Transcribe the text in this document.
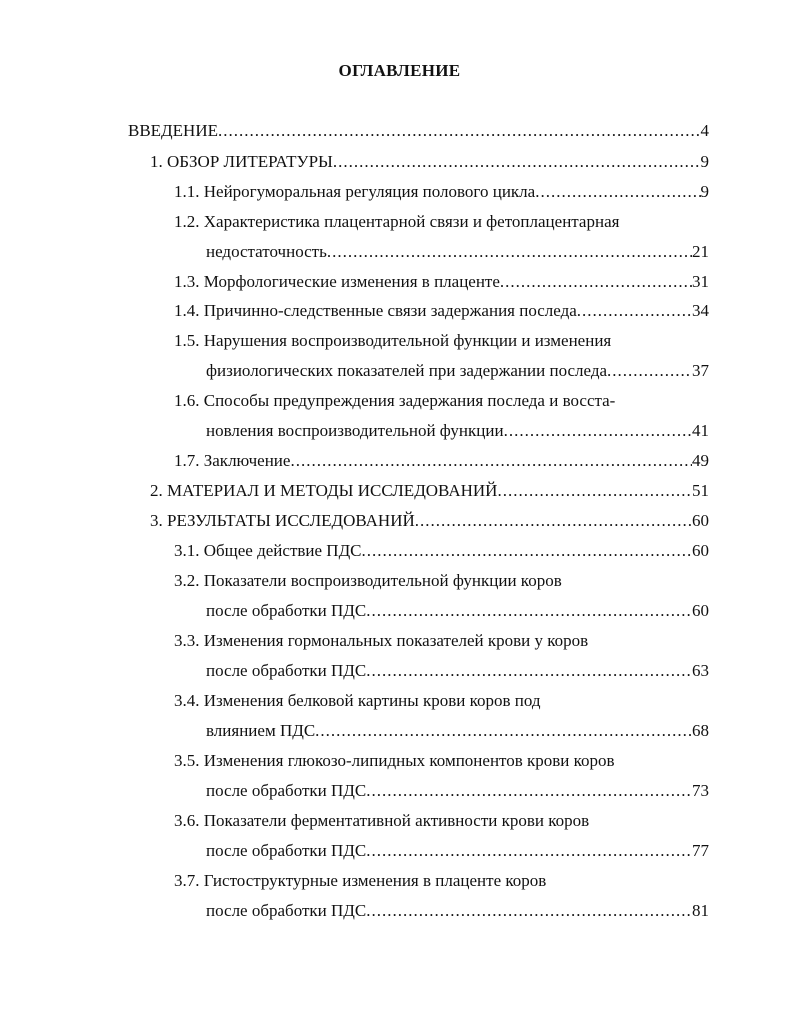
ОГЛАВЛЕНИЕ
ВВЕДЕНИЕ .....	4
1. ОБЗОР ЛИТЕРАТУРЫ .....	9
1.1. Нейрогуморальная регуляция полового цикла .....	9
1.2. Характеристика плацентарной связи и фетоплацентарная
недостаточность .....	21
1.3. Морфологические изменения в плаценте .....	31
1.4. Причинно-следственные связи задержания последа .....	34
1.5. Нарушения воспроизводительной функции и изменения
физиологических показателей при задержании последа .....	37
1.6. Способы предупреждения задержания последа и восста-
новления воспроизводительной функции .....	41
1.7. Заключение .....	49
2. МАТЕРИАЛ И МЕТОДЫ ИССЛЕДОВАНИЙ .....	51
3. РЕЗУЛЬТАТЫ ИССЛЕДОВАНИЙ .....	60
3.1. Общее действие ПДС .....	60
3.2. Показатели воспроизводительной функции коров
после обработки ПДС .....	60
3.3. Изменения гормональных показателей крови у коров
после обработки ПДС .....	63
3.4. Изменения белковой картины крови коров под
влиянием ПДС .....	68
3.5. Изменения глюкозо-липидных компонентов крови коров
после обработки ПДС .....	73
3.6. Показатели ферментативной активности крови коров
после обработки ПДС .....	77
3.7. Гистоструктурные изменения в плаценте коров
после обработки ПДС .....	81
